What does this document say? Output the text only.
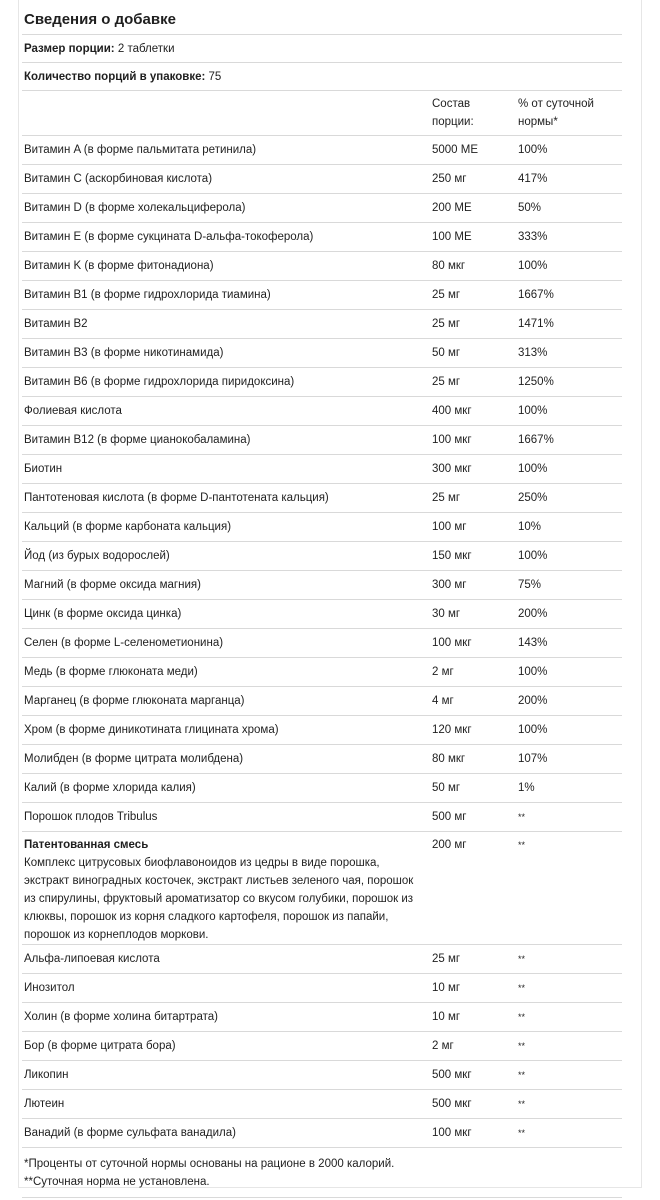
Сведения о добавке
Размер порции: 2 таблетки
Количество порций в упаковке: 75
	Состав порции:	% от суточной нормы*
Витамин A (в форме пальмитата ретинила)	5000 МЕ	100%
Витамин C (аскорбиновая кислота)	250 мг	417%
Витамин D (в форме холекальциферола)	200 МЕ	50%
Витамин E (в форме сукцината D-альфа-токоферола)	100 МЕ	333%
Витамин K (в форме фитонадиона)	80 мкг	100%
Витамин B1 (в форме гидрохлорида тиамина)	25 мг	1667%
Витамин B2	25 мг	1471%
Витамин B3 (в форме никотинамида)	50 мг	313%
Витамин B6 (в форме гидрохлорида пиридоксина)	25 мг	1250%
Фолиевая кислота	400 мкг	100%
Витамин B12 (в форме цианокобаламина)	100 мкг	1667%
Биотин	300 мкг	100%
Пантотеновая кислота (в форме D-пантотената кальция)	25 мг	250%
Кальций (в форме карбоната кальция)	100 мг	10%
Йод (из бурых водорослей)	150 мкг	100%
Магний (в форме оксида магния)	300 мг	75%
Цинк (в форме оксида цинка)	30 мг	200%
Селен (в форме L-селенометионина)	100 мкг	143%
Медь (в форме глюконата меди)	2 мг	100%
Марганец (в форме глюконата марганца)	4 мг	200%
Хром (в форме диникотината глицината хрома)	120 мкг	100%
Молибден (в форме цитрата молибдена)	80 мкг	107%
Калий (в форме хлорида калия)	50 мг	1%
Порошок плодов Tribulus	500 мг	**

Патентованная смесь
Комплекс цитрусовых биофлавоноидов из цедры в виде порошка, экстракт виноградных косточек, экстракт листьев зеленого чая, порошок из спирулины, фруктовый ароматизатор со вкусом голубики, порошок из клюквы, порошок из корня сладкого картофеля, порошок из папайи, порошок из корнеплодов моркови.	200 мг	**
Альфа-липоевая кислота	25 мг	**
Инозитол	10 мг	**
Холин (в форме холина битартрата)	10 мг	**
Бор (в форме цитрата бора)	2 мг	**
Ликопин	500 мкг	**
Лютеин	500 мкг	**
Ванадий (в форме сульфата ванадила)	100 мкг	**
*Проценты от суточной нормы основаны на рационе в 2000 калорий.
**Суточная норма не установлена.
